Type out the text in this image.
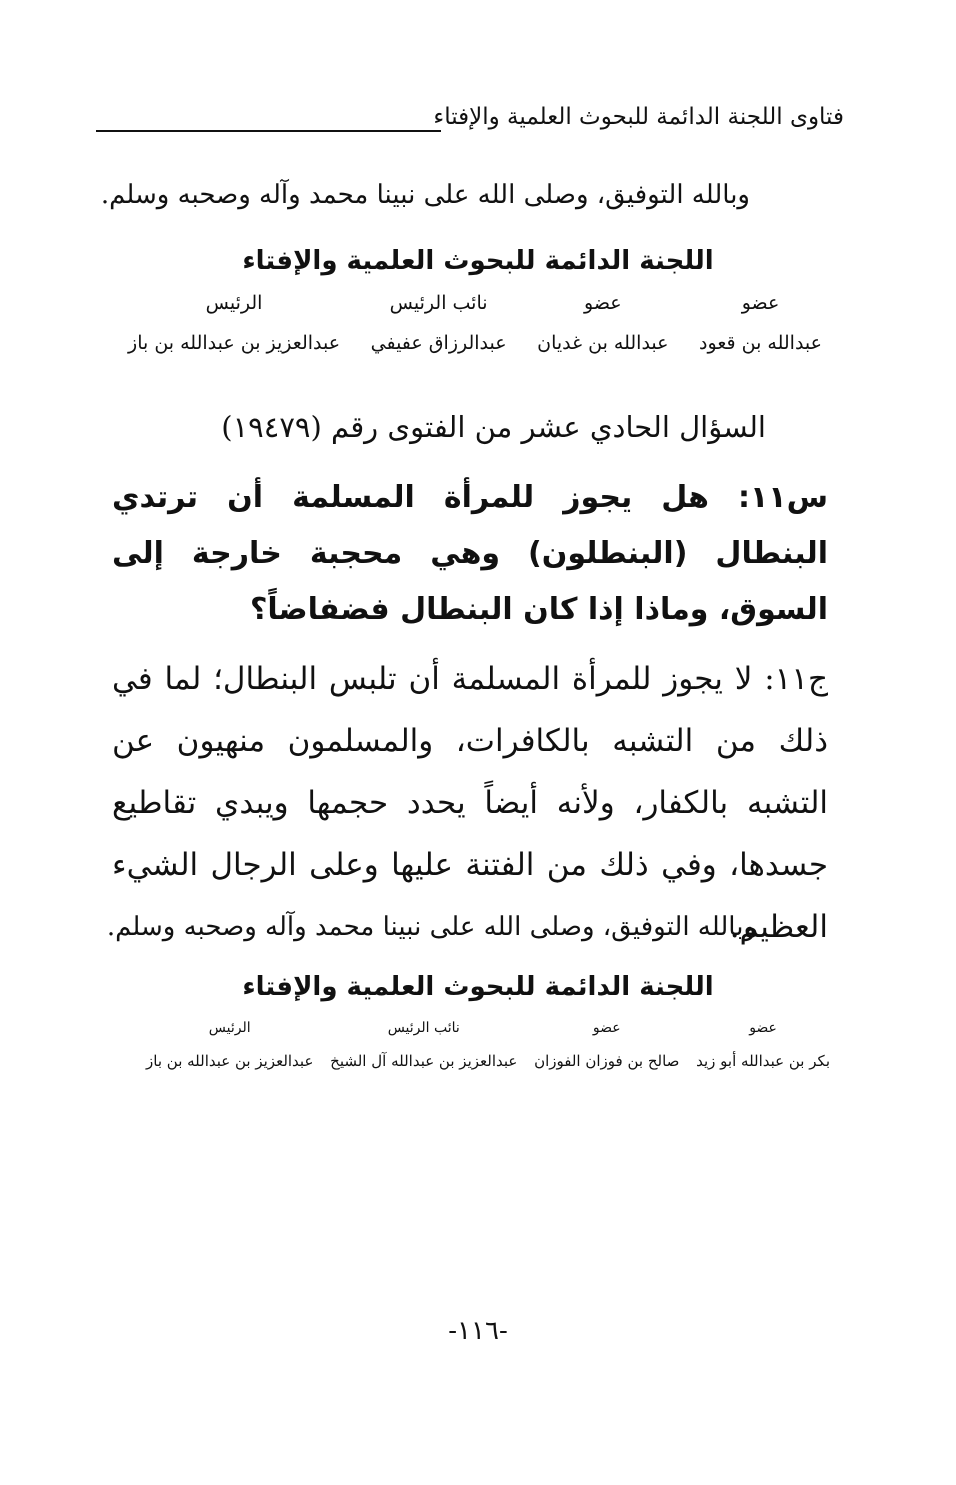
فتاوى اللجنة الدائمة للبحوث العلمية والإفتاء
وبالله التوفيق، وصلى الله على نبينا محمد وآله وصحبه وسلم.
اللجنة الدائمة للبحوث العلمية والإفتاء
عضو
عبدالله بن قعود
عضو
عبدالله بن غديان
نائب الرئيس
عبدالرزاق عفيفي
الرئيس
عبدالعزيز بن عبدالله بن باز
السؤال الحادي عشر من الفتوى رقم (١٩٤٧٩)
س١١: هل يجوز للمرأة المسلمة أن ترتدي البنطال (البنطلون) وهي محجبة خارجة إلى السوق، وماذا إذا كان البنطال فضفاضاً؟
ج١١: لا يجوز للمرأة المسلمة أن تلبس البنطال؛ لما في ذلك من التشبه بالكافرات، والمسلمون منهيون عن التشبه بالكفار، ولأنه أيضاً يحدد حجمها ويبدي تقاطيع جسدها، وفي ذلك من الفتنة عليها وعلى الرجال الشيء العظيم.
وبالله التوفيق، وصلى الله على نبينا محمد وآله وصحبه وسلم.
اللجنة الدائمة للبحوث العلمية والإفتاء
عضو
بكر بن عبدالله أبو زيد
عضو
صالح بن فوزان الفوزان
نائب الرئيس
عبدالعزيز بن عبدالله آل الشيخ
الرئيس
عبدالعزيز بن عبدالله بن باز
-١١٦-
